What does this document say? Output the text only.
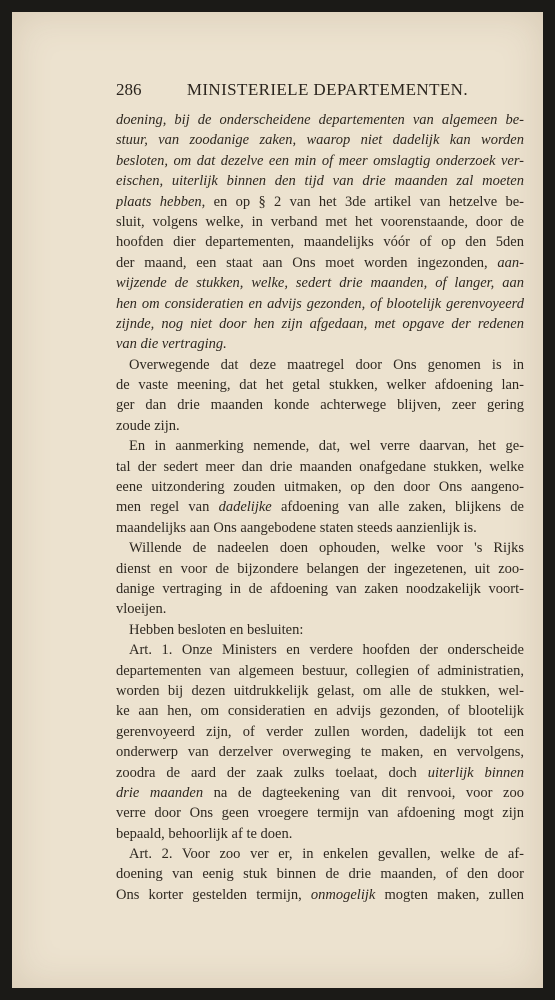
286	MINISTERIELE DEPARTEMENTEN.
doening, bij de onderscheidene departementen van algemeen be-
stuur, van zoodanige zaken, waarop niet dadelijk kan worden
besloten, om dat dezelve een min of meer omslagtig onderzoek ver-
eischen, uiterlijk binnen den tijd van drie maanden zal moeten
plaats hebben, en op § 2 van het 3de artikel van hetzelve be-
sluit, volgens welke, in verband met het voorenstaande, door de
hoofden dier departementen, maandelijks vóór of op den 5den
der maand, een staat aan Ons moet worden ingezonden, aan-
wijzende de stukken, welke, sedert drie maanden, of langer, aan
hen om consideratien en advijs gezonden, of blootelijk gerenvoyeerd
zijnde, nog niet door hen zijn afgedaan, met opgave der redenen
van die vertraging.
Overwegende dat deze maatregel door Ons genomen is in
de vaste meening, dat het getal stukken, welker afdoening lan-
ger dan drie maanden konde achterwege blijven, zeer gering
zoude zijn.
En in aanmerking nemende, dat, wel verre daarvan, het ge-
tal der sedert meer dan drie maanden onafgedane stukken, welke
eene uitzondering zouden uitmaken, op den door Ons aangeno-
men regel van dadelijke afdoening van alle zaken, blijkens de
maandelijks aan Ons aangebodene staten steeds aanzienlijk is.
Willende de nadeelen doen ophouden, welke voor 's Rijks
dienst en voor de bijzondere belangen der ingezetenen, uit zoo-
danige vertraging in de afdoening van zaken noodzakelijk voort-
vloeijen.
Hebben besloten en besluiten:
Art. 1. Onze Ministers en verdere hoofden der onderscheide
departementen van algemeen bestuur, collegien of administratien,
worden bij dezen uitdrukkelijk gelast, om alle de stukken, wel-
ke aan hen, om consideratien en advijs gezonden, of blootelijk
gerenvoyeerd zijn, of verder zullen worden, dadelijk tot een
onderwerp van derzelver overweging te maken, en vervolgens,
zoodra de aard der zaak zulks toelaat, doch uiterlijk binnen
drie maanden na de dagteekening van dit renvooi, voor zoo
verre door Ons geen vroegere termijn van afdoening mogt zijn
bepaald, behoorlijk af te doen.
Art. 2. Voor zoo ver er, in enkelen gevallen, welke de af-
doening van eenig stuk binnen de drie maanden, of den door
Ons korter gestelden termijn, onmogelijk mogten maken, zullen
